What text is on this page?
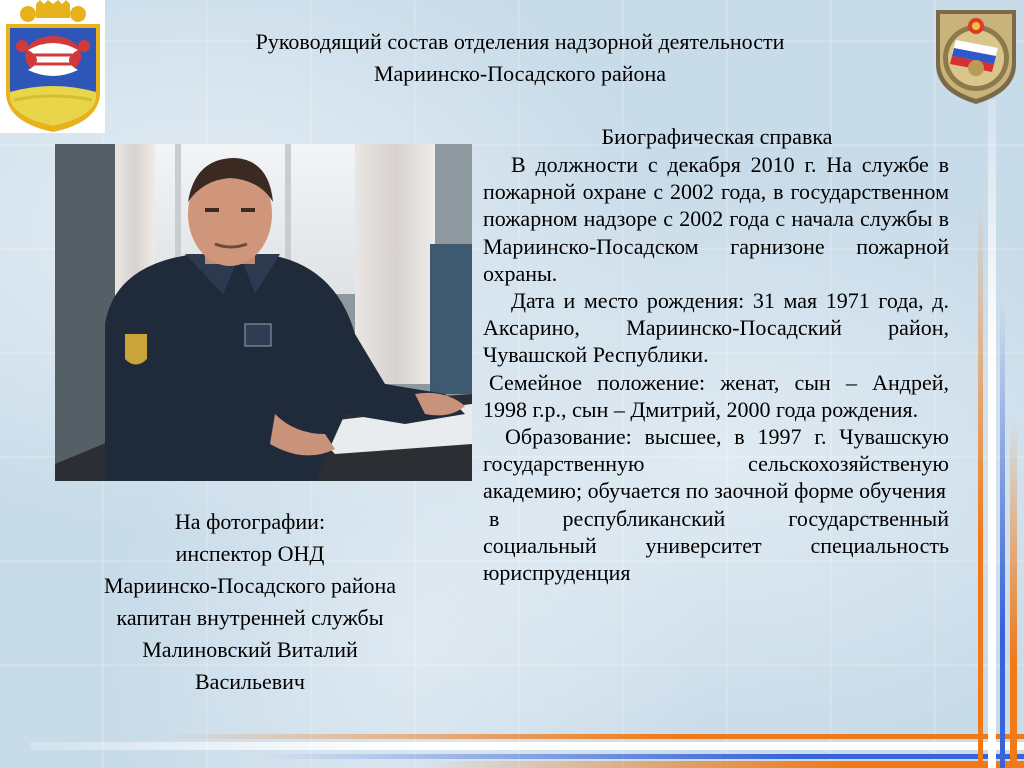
Руководящий состав отделения надзорной деятельности
Мариинско-Посадского района
На фотографии:
инспектор ОНД
Мариинско-Посадского района
капитан внутренней службы
Малиновский Виталий
Васильевич
Биографическая справка

В должности с декабря 2010 г. На службе в пожарной охране с 2002 года, в государственном пожарном надзоре с 2002 года с начала службы в Мариинско-Посадском гарнизоне пожарной охраны.

Дата и место рождения: 31 мая 1971 года, д. Аксарино, Мариинско-Посадский район, Чувашской Республики.

Семейное положение: женат, сын – Андрей, 1998 г.р., сын – Дмитрий, 2000 года рождения.

Образование: высшее, в 1997 г. Чувашскую государственную сельскохозяйственую академию; обучается по заочной форме обучения

в республиканский государственный социальный университет специальность юриспруденция
